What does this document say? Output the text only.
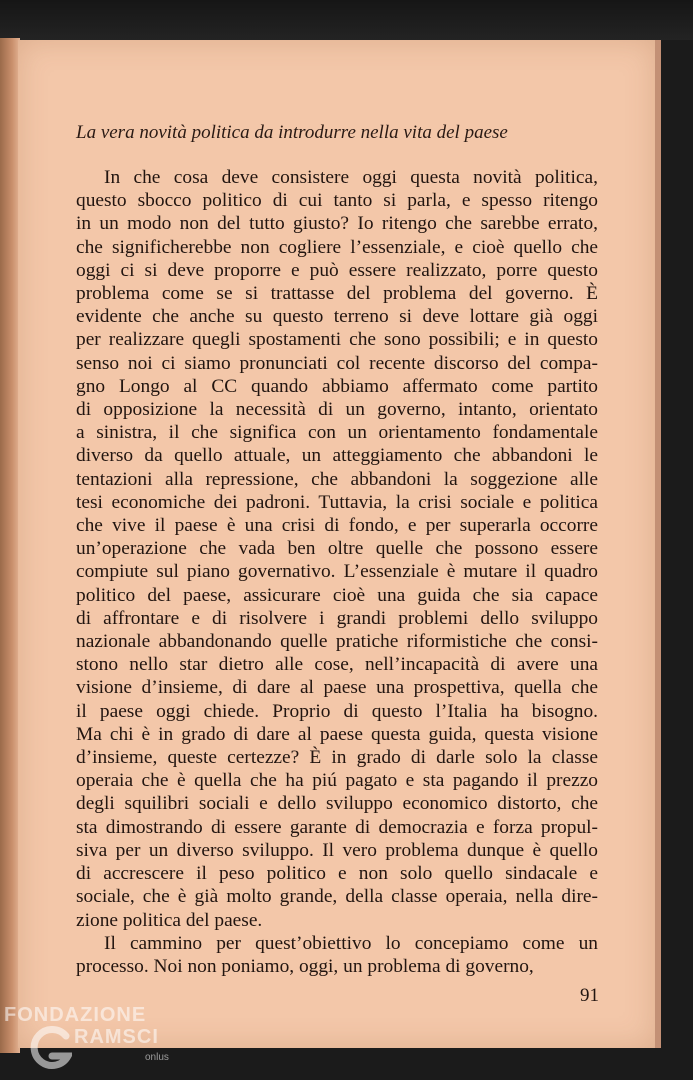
La vera novità politica da introdurre nella vita del paese
In che cosa deve consistere oggi questa novità politica,
questo sbocco politico di cui tanto si parla, e spesso ritengo
in un modo non del tutto giusto? Io ritengo che sarebbe errato,
che significherebbe non cogliere l’essenziale, e cioè quello che
oggi ci si deve proporre e può essere realizzato, porre questo
problema come se si trattasse del problema del governo. È
evidente che anche su questo terreno si deve lottare già oggi
per realizzare quegli spostamenti che sono possibili; e in questo
senso noi ci siamo pronunciati col recente discorso del compa-
gno Longo al CC quando abbiamo affermato come partito
di opposizione la necessità di un governo, intanto, orientato
a sinistra, il che significa con un orientamento fondamentale
diverso da quello attuale, un atteggiamento che abbandoni le
tentazioni alla repressione, che abbandoni la soggezione alle
tesi economiche dei padroni. Tuttavia, la crisi sociale e politica
che vive il paese è una crisi di fondo, e per superarla occorre
un’operazione che vada ben oltre quelle che possono essere
compiute sul piano governativo. L’essenziale è mutare il quadro
politico del paese, assicurare cioè una guida che sia capace
di affrontare e di risolvere i grandi problemi dello sviluppo
nazionale abbandonando quelle pratiche riformistiche che consi-
stono nello star dietro alle cose, nell’incapacità di avere una
visione d’insieme, di dare al paese una prospettiva, quella che
il paese oggi chiede. Proprio di questo l’Italia ha bisogno.
Ma chi è in grado di dare al paese questa guida, questa visione
d’insieme, queste certezze? È in grado di darle solo la classe
operaia che è quella che ha piú pagato e sta pagando il prezzo
degli squilibri sociali e dello sviluppo economico distorto, che
sta dimostrando di essere garante di democrazia e forza propul-
siva per un diverso sviluppo. Il vero problema dunque è quello
di accrescere il peso politico e non solo quello sindacale e
sociale, che è già molto grande, della classe operaia, nella dire-
zione politica del paese.
Il cammino per quest’obiettivo lo concepiamo come un
processo. Noi non poniamo, oggi, un problema di governo,
91
FONDAZIONE
RAMSCI
onlus
